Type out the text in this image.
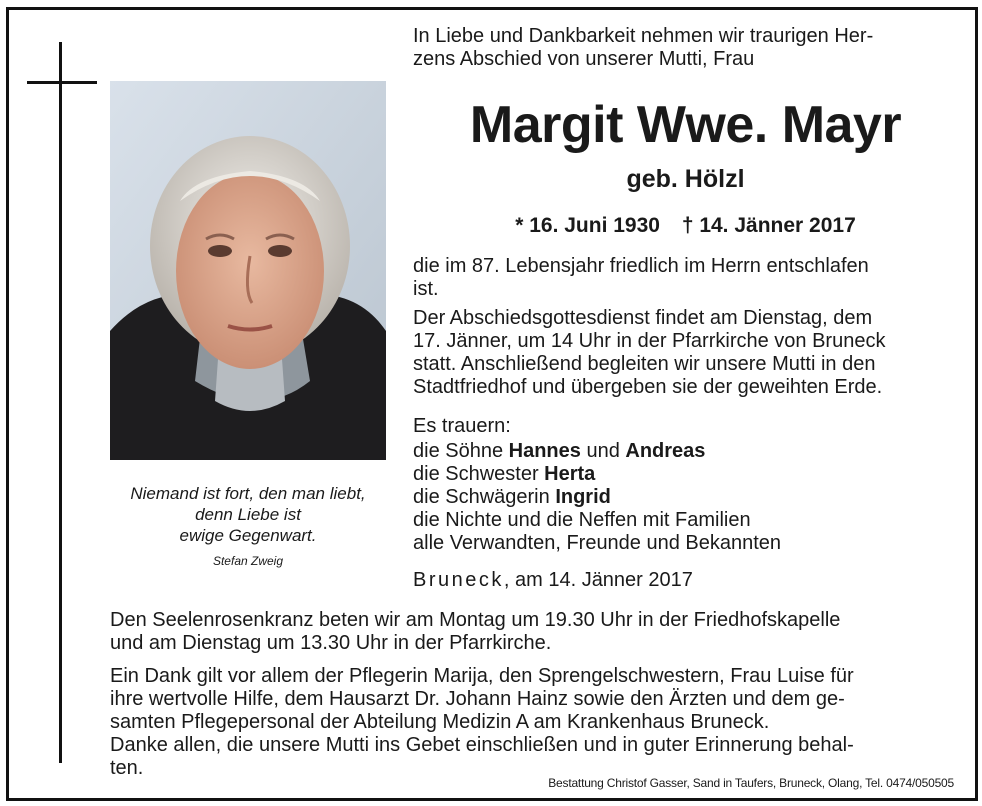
Niemand ist fort, den man liebt,
denn Liebe ist
ewige Gegenwart.
Stefan Zweig
In Liebe und Dankbarkeit nehmen wir traurigen Her-
zens Abschied von unserer Mutti, Frau
Margit Wwe. Mayr
geb. Hölzl
* 16. Juni 1930 † 14. Jänner 2017
die im 87. Lebensjahr friedlich im Herrn entschlafen
ist.
Der Abschiedsgottesdienst findet am Dienstag, dem
17. Jänner, um 14 Uhr in der Pfarrkirche von Bruneck
statt. Anschließend begleiten wir unsere Mutti in den
Stadtfriedhof und übergeben sie der geweihten Erde.
Es trauern:
die Söhne Hannes und Andreas
die Schwester Herta
die Schwägerin Ingrid
die Nichte und die Neffen mit Familien
alle Verwandten, Freunde und Bekannten
Bruneck, am 14. Jänner 2017
Den Seelenrosenkranz beten wir am Montag um 19.30 Uhr in der Friedhofskapelle
und am Dienstag um 13.30 Uhr in der Pfarrkirche.
Ein Dank gilt vor allem der Pflegerin Marija, den Sprengelschwestern, Frau Luise für
ihre wertvolle Hilfe, dem Hausarzt Dr. Johann Hainz sowie den Ärzten und dem ge-
samten Pflegepersonal der Abteilung Medizin A am Krankenhaus Bruneck.
Danke allen, die unsere Mutti ins Gebet einschließen und in guter Erinnerung behal-
ten.
Bestattung Christof Gasser, Sand in Taufers, Bruneck, Olang, Tel. 0474/050505
